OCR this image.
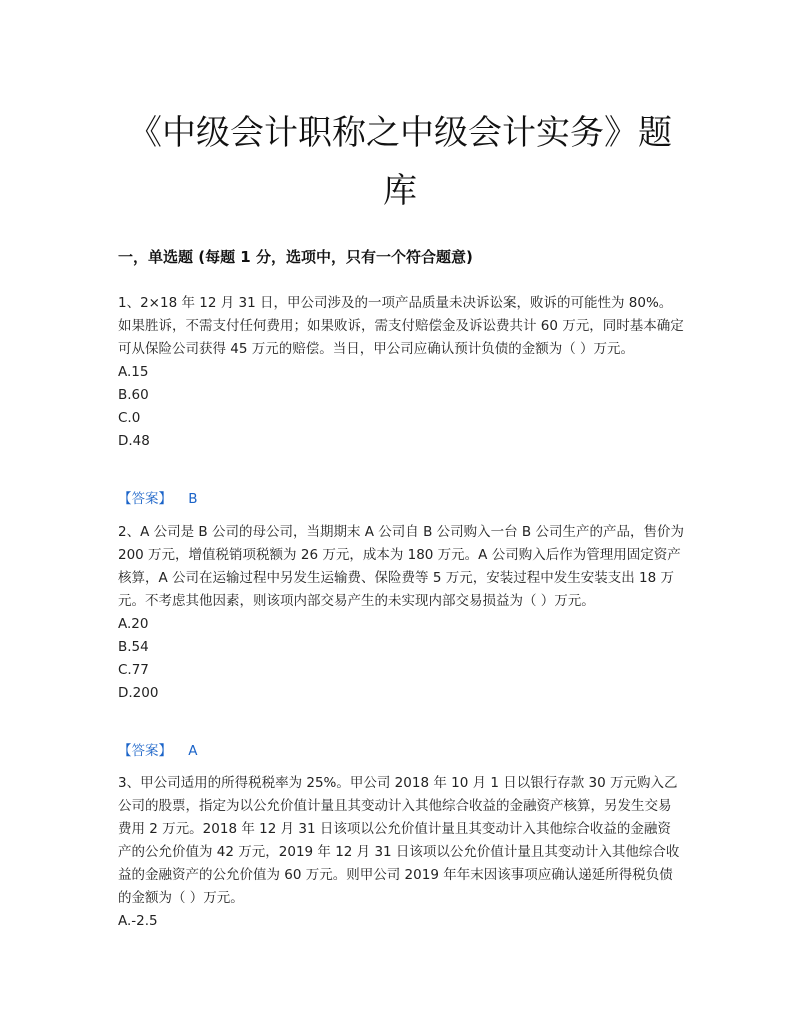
《中级会计职称之中级会计实务》题
库
一，单选题 (每题 1 分，选项中，只有一个符合题意)
1、2×18 年 12 月 31 日，甲公司涉及的一项产品质量未决诉讼案，败诉的可能性为 80%。如果胜诉，不需支付任何费用；如果败诉，需支付赔偿金及诉讼费共计 60 万元，同时基本确定可从保险公司获得 45 万元的赔偿。当日，甲公司应确认预计负债的金额为（ ）万元。
A.15
B.60
C.0
D.48
【答案】 B
2、A 公司是 B 公司的母公司，当期期末 A 公司自 B 公司购入一台 B 公司生产的产品，售价为 200 万元，增值税销项税额为 26 万元，成本为 180 万元。A 公司购入后作为管理用固定资产核算，A 公司在运输过程中另发生运输费、保险费等 5 万元，安装过程中发生安装支出 18 万元。不考虑其他因素，则该项内部交易产生的未实现内部交易损益为（ ）万元。
A.20
B.54
C.77
D.200
【答案】 A
3、甲公司适用的所得税税率为 25%。甲公司 2018 年 10 月 1 日以银行存款 30 万元购入乙公司的股票，指定为以公允价值计量且其变动计入其他综合收益的金融资产核算，另发生交易费用 2 万元。2018 年 12 月 31 日该项以公允价值计量且其变动计入其他综合收益的金融资产的公允价值为 42 万元，2019 年 12 月 31 日该项以公允价值计量且其变动计入其他综合收益的金融资产的公允价值为 60 万元。则甲公司 2019 年年末因该事项应确认递延所得税负债的金额为（ ）万元。
A.-2.5
